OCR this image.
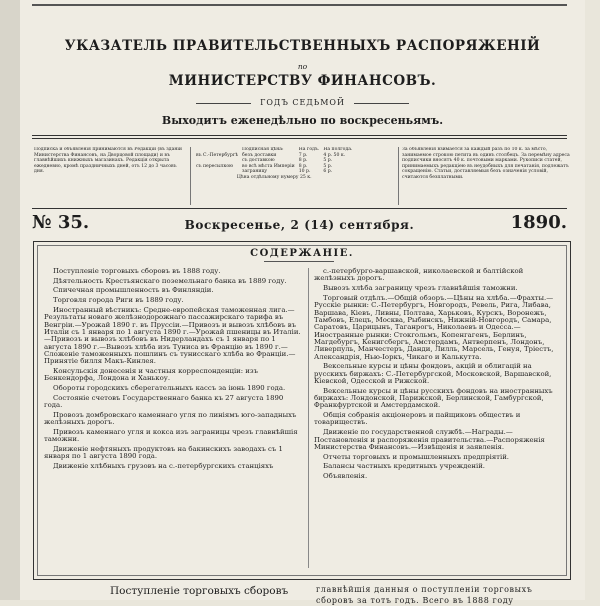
УКАЗАТЕЛЬ ПРАВИТЕЛЬСТВЕННЫХЪ РАСПОРЯЖЕНІЙ
по
МИНИСТЕРСТВУ ФИНАНСОВЪ.
ГОДЪ СЕДЬМОЙ
Выходитъ еженедѣльно по воскресеньямъ.

Подписка и объявленія принимаются въ Редакціи (въ зданіи Министерства Финансовъ, на Дворцовой площади) и въ главнѣйшихъ книжныхъ магазинахъ. Редакція открыта ежедневно, кромѣ праздничныхъ дней, отъ 12 до 3 часовъ дня.

	Подписная цѣна:	На годъ.	На полгода.
въ С.-Петербургѣ	безъ доставки	7 р.	4 р. 50 к.
	съ доставкою	8 р.	5 р.
съ пересылкою	во всѣ мѣста Имперіи	8 р.	5 р.
	заграницу	10 р.	6 р.
Цѣна отдѣльному нумеру 25 к.			

За объявленія взимается за каждый разъ по 10 к. за мѣсто, занимаемое строкою петита въ одинъ столбецъ. За перемѣну адреса подписчики вносятъ 40 к. почтовыми марками. Рукописи статей, принимаемыхъ редакціею въ неудобныхъ для печатанія, подлежатъ сокращенію. Статьи, доставляемыя безъ означенія условій, считаются безплатными.

№ 35.	Воскресенье, 2 (14) сентября.	1890.
СОДЕРЖАНІЕ.

Поступленіе торговыхъ сборовъ въ 1888 году.

Дѣятельность Крестьянскаго поземельнаго банка въ 1889 году.

Спичечная промышленность въ Финляндіи.

Торговля города Риги въ 1889 году.

Иностранный вѣстникъ: Средне-европейская таможенная лига.—Результаты новаго желѣзнодорожнаго пассажирскаго тарифа въ Венгріи.—Урожай 1890 г. въ Пруссіи.—Привозъ и вывозъ хлѣбовъ въ Италіи съ 1 января по 1 августа 1890 г.—Урожай пшеницы въ Италіи.—Привозъ и вывозъ хлѣбовъ въ Нидерландахъ съ 1 января по 1 августа 1890 г.—Вывозъ хлѣба изъ Туниса въ Францію въ 1890 г.—Сложеніе таможенныхъ пошлинъ съ тунисскаго хлѣба во Франціи.—Принятіе билля Макъ-Кинлея.

Консульскія донесенія и частныя корреспонденціи: изъ Бенкендорфа, Лондона и Ханькоу.

Обороты городскихъ сберегательныхъ кассъ за іюнь 1890 года.

Состояніе счетовъ Государственнаго банка къ 27 августа 1890 года.

Провозъ домбровскаго каменнаго угля по линіямъ юго-западныхъ желѣзныхъ дорогъ.

Привозъ каменнаго угля и кокса изъ заграницы чрезъ главнѣйшія таможни.

Движеніе нефтяныхъ продуктовъ на бакинскихъ заводахъ съ 1 января по 1 августа 1890 года.

Движеніе хлѣбныхъ грузовъ на с.-петербургскихъ станціяхъ

с.-петербурго-варшавской, николаевской и балтійской желѣзныхъ дорогъ.

Вывозъ хлѣба заграницу чрезъ главнѣйшія таможни.

Торговый отдѣлъ.—Общій обзоръ.—Цѣны на хлѣба.—Фрахты.—Русскіе рынки: С.-Петербургъ, Новгородъ, Ревель, Рига, Либава, Варшава, Кіевъ, Ливны, Полтава, Харьковъ, Курскъ, Воронежъ, Тамбовъ, Елецъ, Москва, Рыбинскъ, Нижній-Новгородъ, Самара, Саратовъ, Царицынъ, Таганрогъ, Николаевъ и Одесса.—Иностранные рынки: Стокгольмъ, Копенгагенъ, Берлинъ, Магдебургъ, Кенигсбергъ, Амстердамъ, Антверпенъ, Лондонъ, Ливерпуль, Манчестеръ, Данди, Лилль, Марсель, Генуя, Тріестъ, Александрія, Нью-Іоркъ, Чикаго и Калькутта.

Вексельные курсы и цѣны фондовъ, акцій и облигацій на русскихъ биржахъ: С.-Петербургской, Московской, Варшавской, Кіевской, Одесской и Рижской.

Вексельные курсы и цѣны русскихъ фондовъ на иностранныхъ биржахъ: Лондонской, Парижской, Берлинской, Гамбургской, Франкфуртской и Амстердамской.

Общія собранія акціонеровъ и пайщиковъ обществъ и товариществъ.

Движеніе по государственной службѣ.—Награды.—Постановленія и распоряженія правительства.—Распоряженія Министерства Финансовъ.—Извѣщенія и заявленія.

Отчеты торговыхъ и промышленныхъ предпріятій.

Балансы частныхъ кредитныхъ учрежденій.

Объявленія.

Поступленіе торговыхъ сборовъ	главнѣйшія данныя о поступленіи торговыхъ сборовъ за тотъ годъ. Всего въ 1888 году
